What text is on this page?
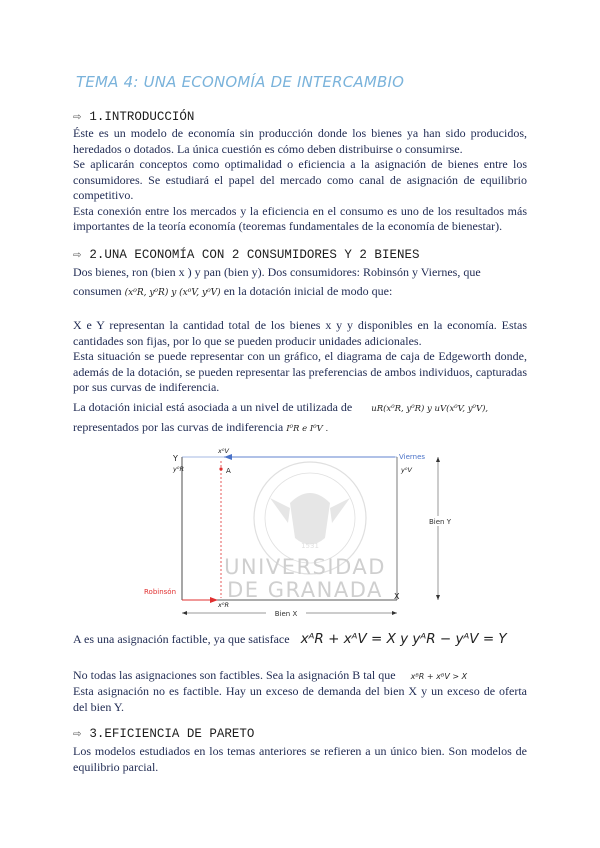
TEMA 4: UNA ECONOMÍA DE INTERCAMBIO
⇨ 1.INTRODUCCIÓN

Éste es un modelo de economía sin producción donde los bienes ya han sido producidos, heredados o dotados. La única cuestión es cómo deben distribuirse o consumirse.

Se aplicarán conceptos como optimalidad o eficiencia a la asignación de bienes entre los consumidores. Se estudiará el papel del mercado como canal de asignación de equilibrio competitivo.

Esta conexión entre los mercados y la eficiencia en el consumo es uno de los resultados más importantes de la teoría economía (teoremas fundamentales de la economía de bienestar).

⇨ 2.UNA ECONOMÍA CON 2 CONSUMIDORES Y 2 BIENES

Dos bienes, ron (bien x ) y pan (bien y). Dos consumidores: Robinsón y Viernes, que

consumen (x⁰R, y⁰R) y (x⁰V, y⁰V) en la dotación inicial de modo que:

X e Y representan la cantidad total de los bienes x y y disponibles en la economía. Estas cantidades son fijas, por lo que se pueden producir unidades adicionales.

Esta situación se puede representar con un gráfico, el diagrama de caja de Edgeworth donde, además de la dotación, se pueden representar las preferencias de ambos individuos, capturadas por sus curvas de indiferencia.

La dotación inicial está asociada a un nivel de utilizada de uR(x⁰R, y⁰R) y uV(x⁰V, y⁰V),

representados por las curvas de indiferencia I⁰R e I⁰V .

1531
UNIVERSIDAD
DE GRANADA
Bien X
Bien Y
Y
y⁰R
x⁰V
A
Viernes
y⁰V
Robinsón
x⁰R
X
A es una asignación factible, ya que satisface xᴬR + xᴬV = X y yᴬR − yᴬV = Y
No todas las asignaciones son factibles. Sea la asignación B tal que xᴮR + xᴮV > X

Esta asignación no es factible. Hay un exceso de demanda del bien X y un exceso de oferta del bien Y.

⇨ 3.EFICIENCIA DE PARETO

Los modelos estudiados en los temas anteriores se refieren a un único bien. Son modelos de equilibrio parcial.
